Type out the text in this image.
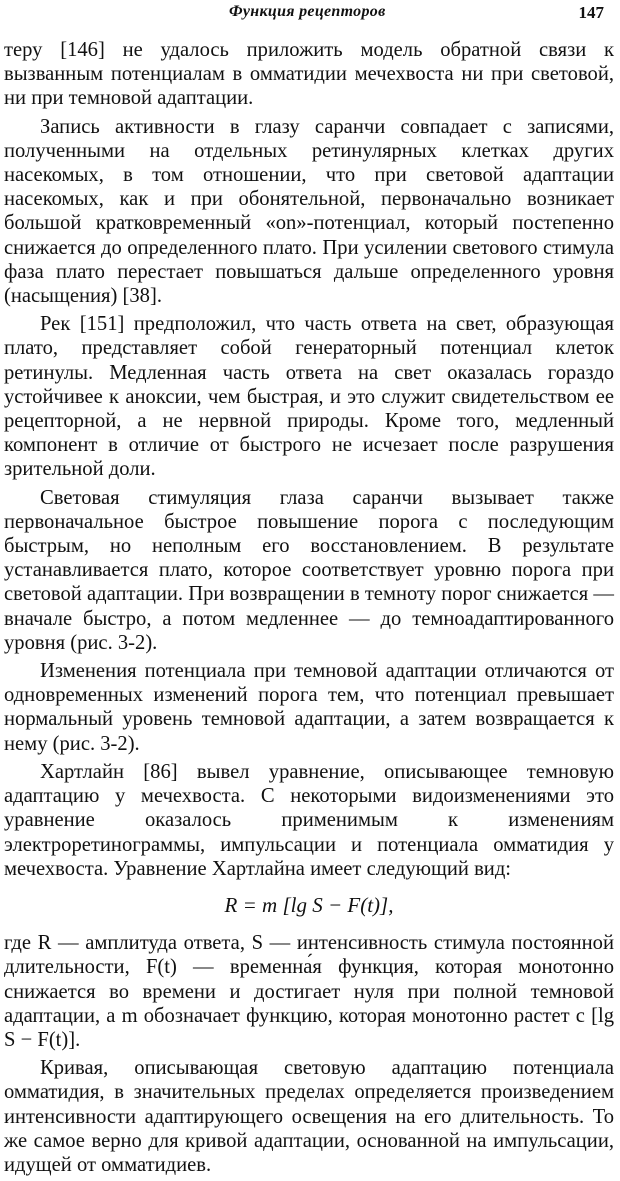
Функция рецепторов	147

теру [146] не удалось приложить модель обратной связи к вызванным потенциалам в омматидии мечехвоста ни при световой, ни при темновой адаптации.

Запись активности в глазу саранчи совпадает с записями, полученными на отдельных ретинулярных клетках других насекомых, в том отношении, что при световой адаптации насекомых, как и при обонятельной, первоначально возникает большой кратковременный «on»-потенциал, который постепенно снижается до определенного плато. При усилении светового стимула фаза плато перестает повышаться дальше определенного уровня (насыщения) [38].

Рек [151] предположил, что часть ответа на свет, образующая плато, представляет собой генераторный потенциал клеток ретинулы. Медленная часть ответа на свет оказалась гораздо устойчивее к аноксии, чем быстрая, и это служит свидетельством ее рецепторной, а не нервной природы. Кроме того, медленный компонент в отличие от быстрого не исчезает после разрушения зрительной доли.

Световая стимуляция глаза саранчи вызывает также первоначальное быстрое повышение порога с последующим быстрым, но неполным его восстановлением. В результате устанавливается плато, которое соответствует уровню порога при световой адаптации. При возвращении в темноту порог снижается — вначале быстро, а потом медленнее — до темноадаптированного уровня (рис. 3-2).

Изменения потенциала при темновой адаптации отличаются от одновременных изменений порога тем, что потенциал превышает нормальный уровень темновой адаптации, а затем возвращается к нему (рис. 3-2).

Хартлайн [86] вывел уравнение, описывающее темновую адаптацию у мечехвоста. С некоторыми видоизменениями это уравнение оказалось применимым к изменениям электроретинограммы, импульсации и потенциала омматидия у мечехвоста. Уравнение Хартлайна имеет следующий вид:

R = m [lg S − F(t)],

где R — амплитуда ответа, S — интенсивность стимула постоянной длительности, F(t) — временна́я функция, которая монотонно снижается во времени и достигает нуля при полной темновой адаптации, а m обозначает функцию, которая монотонно растет с [lg S − F(t)].

Кривая, описывающая световую адаптацию потенциала омматидия, в значительных пределах определяется произведением интенсивности адаптирующего освещения на его длительность. То же самое верно для кривой адаптации, основанной на импульсации, идущей от омматидиев.
